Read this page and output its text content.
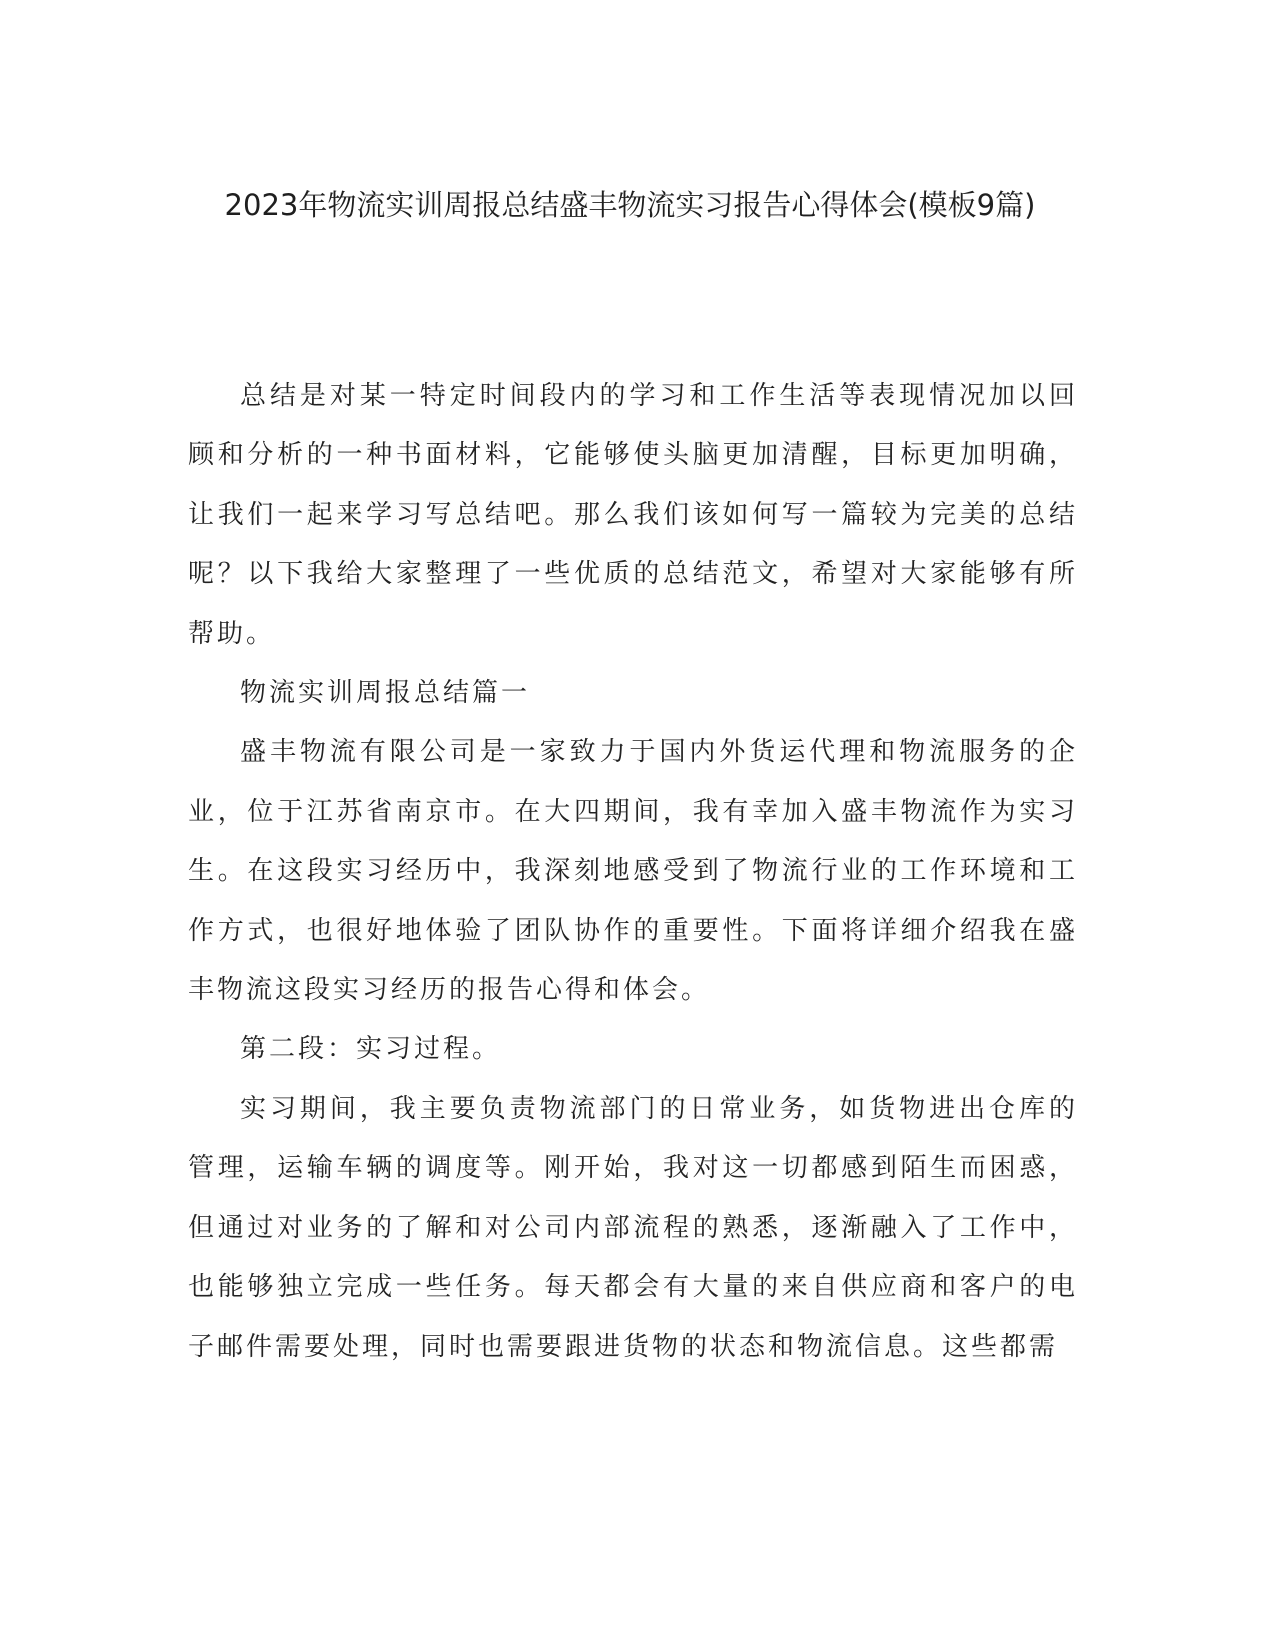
2023年物流实训周报总结盛丰物流实习报告心得体会(模板9篇)

总结是对某一特定时间段内的学习和工作生活等表现情况加以回顾和分析的一种书面材料，它能够使头脑更加清醒，目标更加明确，让我们一起来学习写总结吧。那么我们该如何写一篇较为完美的总结呢？以下我给大家整理了一些优质的总结范文，希望对大家能够有所帮助。

物流实训周报总结篇一

盛丰物流有限公司是一家致力于国内外货运代理和物流服务的企业，位于江苏省南京市。在大四期间，我有幸加入盛丰物流作为实习生。在这段实习经历中，我深刻地感受到了物流行业的工作环境和工作方式，也很好地体验了团队协作的重要性。下面将详细介绍我在盛丰物流这段实习经历的报告心得和体会。

第二段：实习过程。

实习期间，我主要负责物流部门的日常业务，如货物进出仓库的管理，运输车辆的调度等。刚开始，我对这一切都感到陌生而困惑，但通过对业务的了解和对公司内部流程的熟悉，逐渐融入了工作中，也能够独立完成一些任务。每天都会有大量的来自供应商和客户的电子邮件需要处理，同时也需要跟进货物的状态和物流信息。这些都需
